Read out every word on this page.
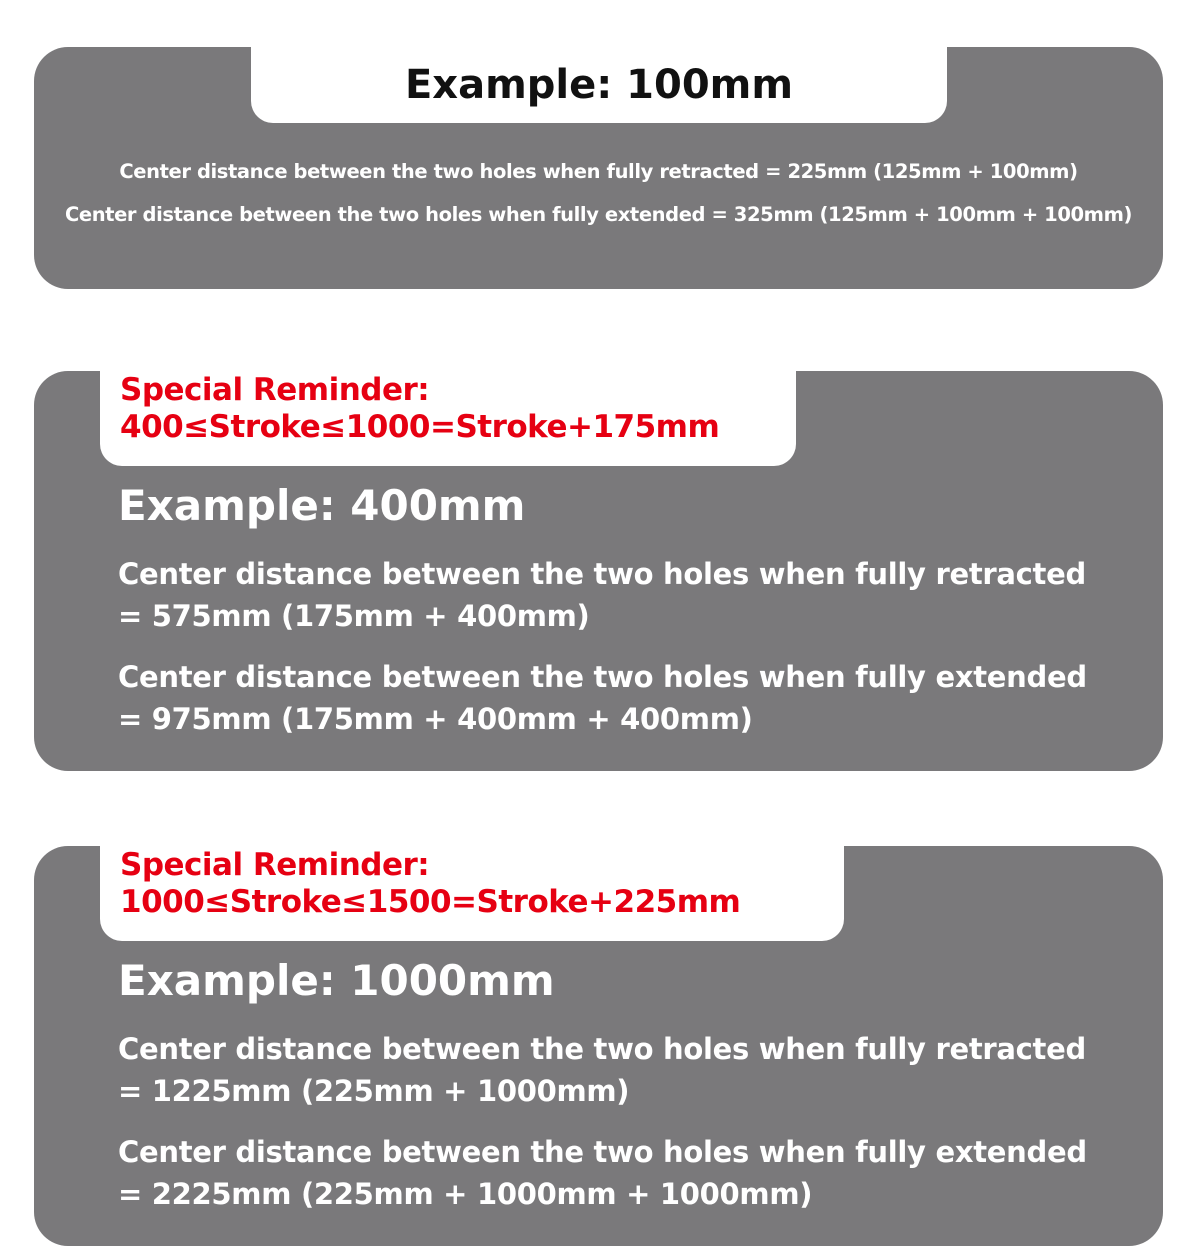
Example: 100mm
Center distance between the two holes when fully retracted = 225mm (125mm + 100mm)
Center distance between the two holes when fully extended = 325mm (125mm + 100mm + 100mm)
Special Reminder:
400≤Stroke≤1000=Stroke+175mm
Example: 400mm
Center distance between the two holes when fully retracted
= 575mm (175mm + 400mm)
Center distance between the two holes when fully extended
= 975mm (175mm + 400mm + 400mm)
Special Reminder:
1000≤Stroke≤1500=Stroke+225mm
Example: 1000mm
Center distance between the two holes when fully retracted
= 1225mm (225mm + 1000mm)
Center distance between the two holes when fully extended
= 2225mm (225mm + 1000mm + 1000mm)
